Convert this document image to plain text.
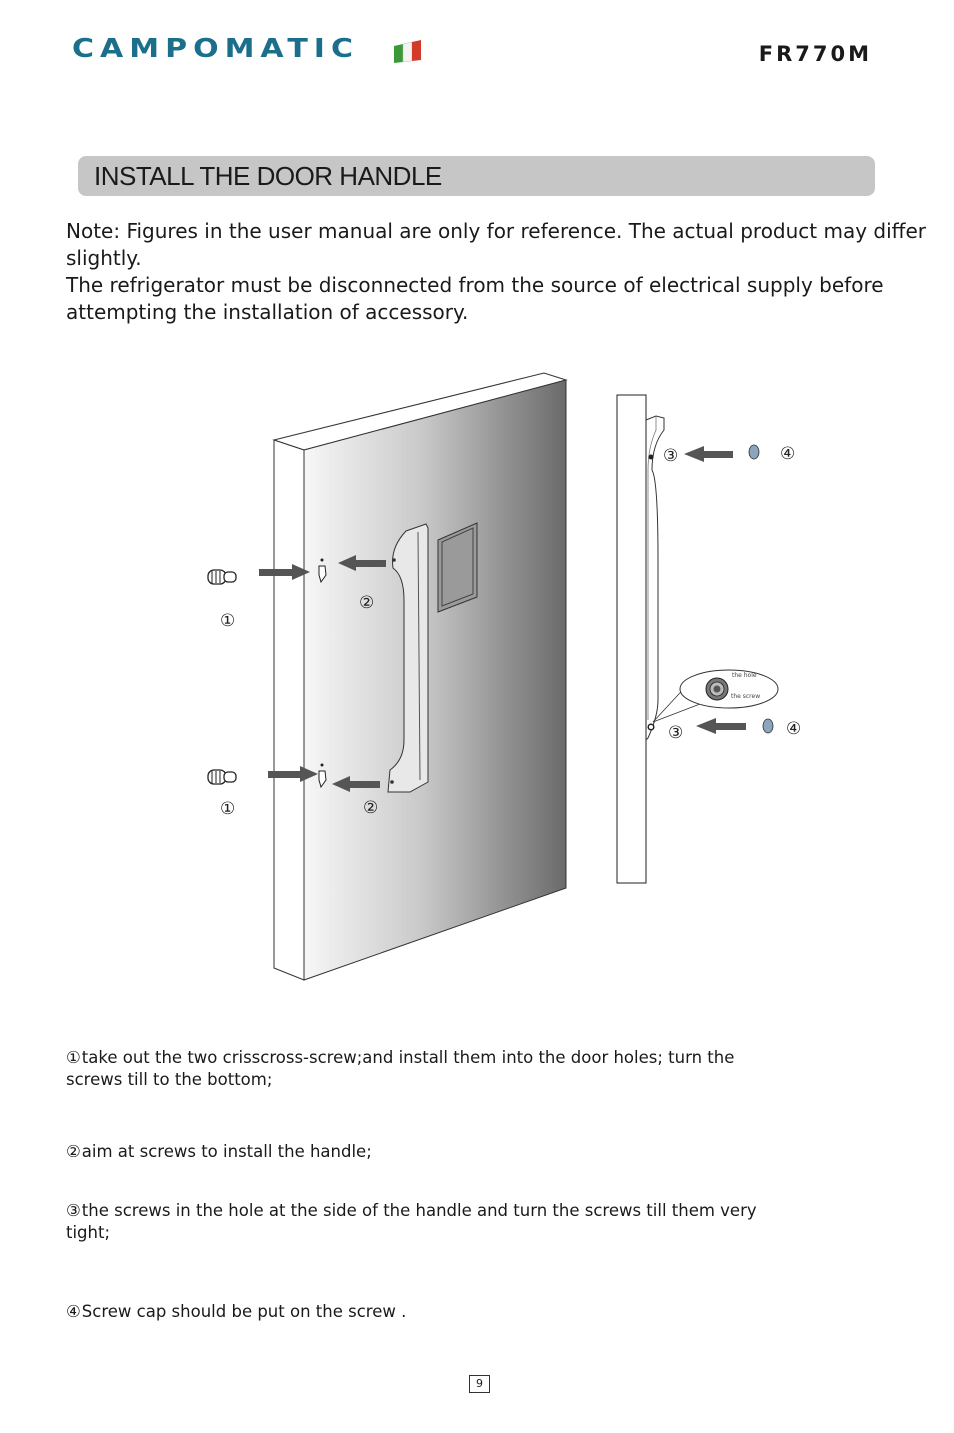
CAMPOMATIC	FR770M
INSTALL THE DOOR HANDLE

Note: Figures in the user manual are only for reference. The actual product may differ slightly.

The refrigerator must be disconnected from the source of electrical supply before attempting the installation of accessory.

the hole
the screw
①
①
②
②
③
③
④
④
①take out the two crisscross-screw;and install them into the door holes; turn the screws till to the bottom;
②aim at screws to install the handle;
③the screws in the hole at the side of the handle and turn the screws till them very tight;
④Screw cap should be put on the screw .
9
